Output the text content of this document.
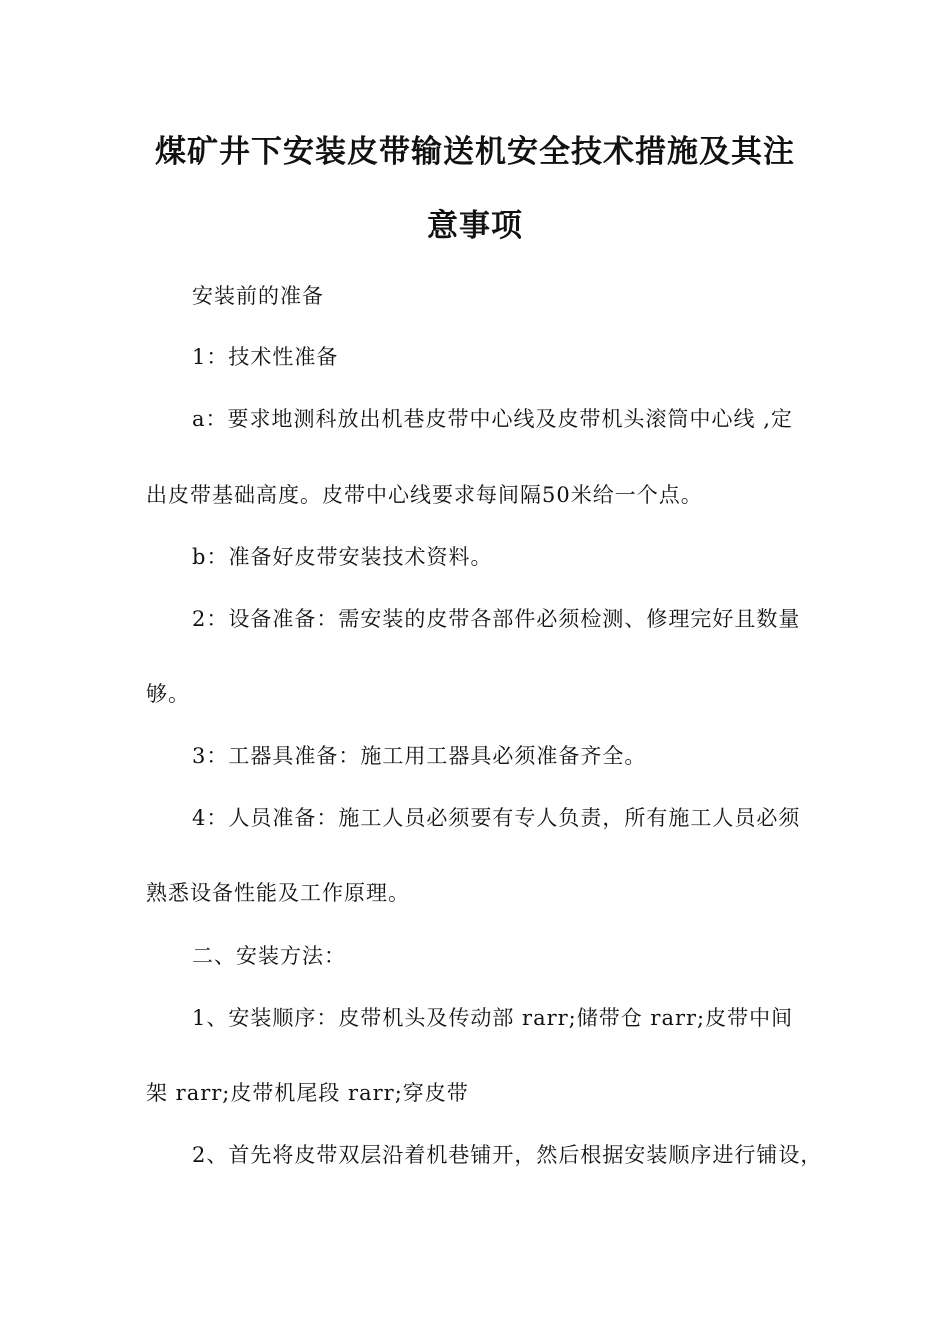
煤矿井下安装皮带输送机安全技术措施及其注
意事项
安装前的准备
1：技术性准备
a：要求地测科放出机巷皮带中心线及皮带机头滚筒中心线 ,定
出皮带基础高度。皮带中心线要求每间隔50米给一个点。
b：准备好皮带安装技术资料。
2：设备准备：需安装的皮带各部件必须检测、修理完好且数量
够。
3：工器具准备：施工用工器具必须准备齐全。
4：人员准备：施工人员必须要有专人负责，所有施工人员必须
熟悉设备性能及工作原理。
二、安装方法：
1、安装顺序：皮带机头及传动部 rarr;储带仓 rarr;皮带中间
架 rarr;皮带机尾段 rarr;穿皮带
2、首先将皮带双层沿着机巷铺开，然后根据安装顺序进行铺设，
